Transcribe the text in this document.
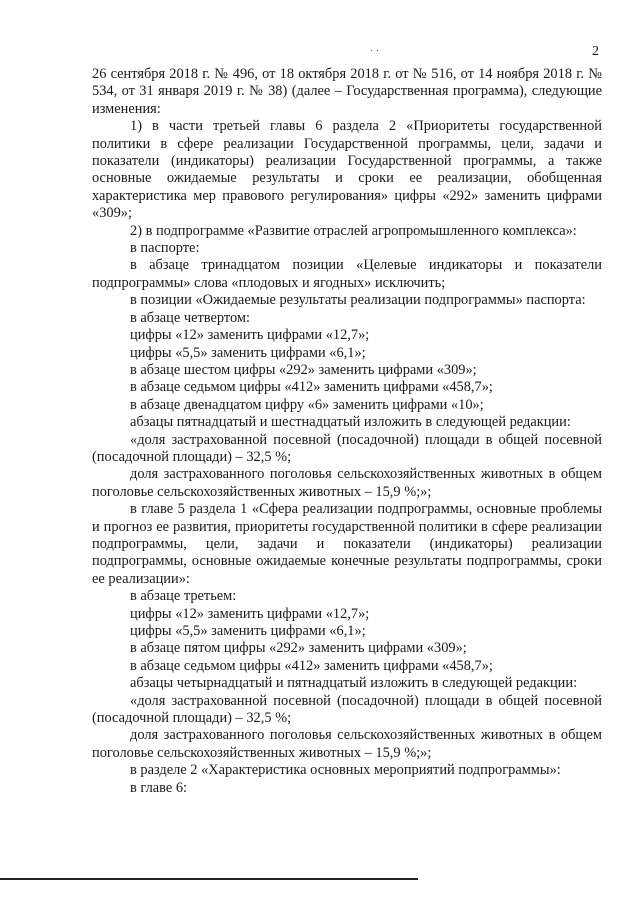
· ·	2

26 сентября 2018 г. № 496, от 18 октября 2018 г. от № 516, от 14 ноября 2018 г. № 534, от 31 января 2019 г. № 38) (далее – Государственная программа), следующие изменения:

1) в части третьей главы 6 раздела 2 «Приоритеты государственной политики в сфере реализации Государственной программы, цели, задачи и показатели (индикаторы) реализации Государственной программы, а также основные ожидаемые результаты и сроки ее реализации, обобщенная характеристика мер правового регулирования» цифры «292» заменить цифрами «309»;

2) в подпрограмме «Развитие отраслей агропромышленного комплекса»:

в паспорте:

в абзаце тринадцатом позиции «Целевые индикаторы и показатели подпрограммы» слова «плодовых и ягодных» исключить;

в позиции «Ожидаемые результаты реализации подпрограммы» паспорта:

в абзаце четвертом:

цифры «12» заменить цифрами «12,7»;

цифры «5,5» заменить цифрами «6,1»;

в абзаце шестом цифры «292» заменить цифрами «309»;

в абзаце седьмом цифры «412» заменить цифрами «458,7»;

в абзаце двенадцатом цифру «6» заменить цифрами «10»;

абзацы пятнадцатый и шестнадцатый изложить в следующей редакции:

«доля застрахованной посевной (посадочной) площади в общей посевной (посадочной площади) – 32,5 %;

доля застрахованного поголовья сельскохозяйственных животных в общем поголовье сельскохозяйственных животных – 15,9 %;»;

в главе 5 раздела 1 «Сфера реализации подпрограммы, основные проблемы и прогноз ее развития, приоритеты государственной политики в сфере реализации подпрограммы, цели, задачи и показатели (индикаторы) реализации подпрограммы, основные ожидаемые конечные результаты подпрограммы, сроки ее реализации»:

в абзаце третьем:

цифры «12» заменить цифрами «12,7»;

цифры «5,5» заменить цифрами «6,1»;

в абзаце пятом цифры «292» заменить цифрами «309»;

в абзаце седьмом цифры «412» заменить цифрами «458,7»;

абзацы четырнадцатый и пятнадцатый изложить в следующей редакции:

«доля застрахованной посевной (посадочной) площади в общей посевной (посадочной площади) – 32,5 %;

доля застрахованного поголовья сельскохозяйственных животных в общем поголовье сельскохозяйственных животных – 15,9 %;»;

в разделе 2 «Характеристика основных мероприятий подпрограммы»:

в главе 6:
